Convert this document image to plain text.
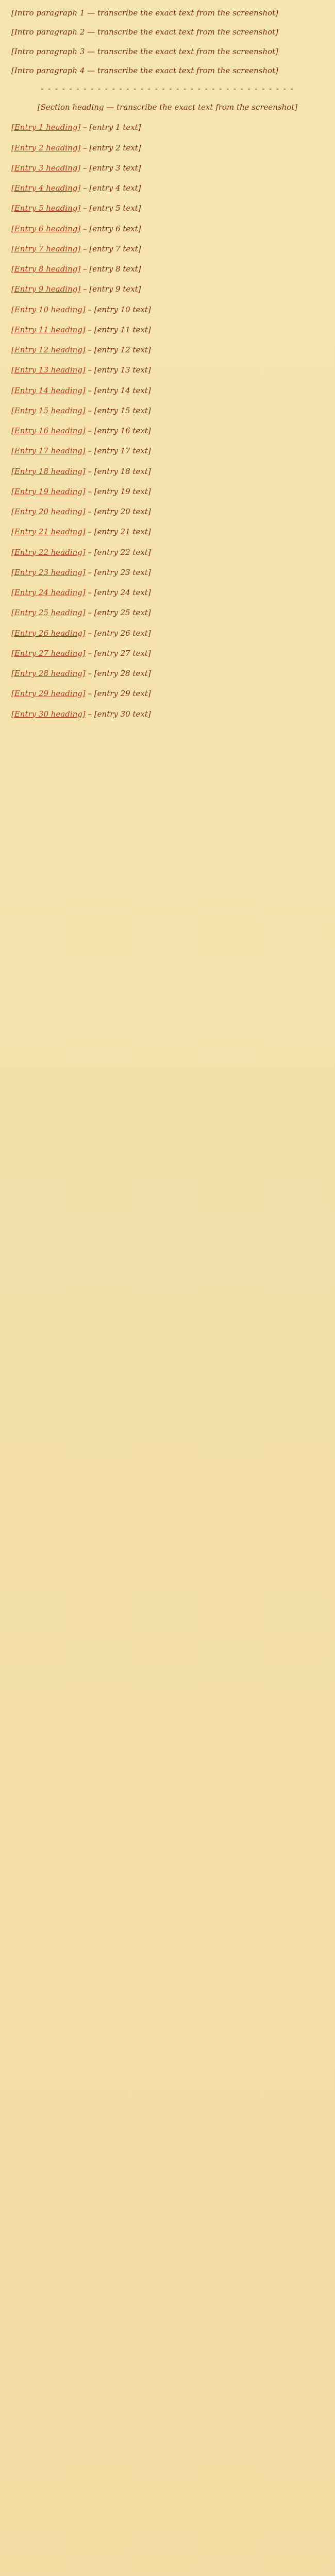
[Intro paragraph 1 — transcribe the exact text from the screenshot]

[Intro paragraph 2 — transcribe the exact text from the screenshot]

[Intro paragraph 3 — transcribe the exact text from the screenshot]

[Intro paragraph 4 — transcribe the exact text from the screenshot]

- - - - - - - - - - - - - - - - - - - - - - - - - - - - - - - - - - - -

[Section heading — transcribe the exact text from the screenshot]

[Entry 1 heading] – [entry 1 text]

[Entry 2 heading] – [entry 2 text]

[Entry 3 heading] – [entry 3 text]

[Entry 4 heading] – [entry 4 text]

[Entry 5 heading] – [entry 5 text]

[Entry 6 heading] – [entry 6 text]

[Entry 7 heading] – [entry 7 text]

[Entry 8 heading] – [entry 8 text]

[Entry 9 heading] – [entry 9 text]

[Entry 10 heading] – [entry 10 text]

[Entry 11 heading] – [entry 11 text]

[Entry 12 heading] – [entry 12 text]

[Entry 13 heading] – [entry 13 text]

[Entry 14 heading] – [entry 14 text]

[Entry 15 heading] – [entry 15 text]

[Entry 16 heading] – [entry 16 text]

[Entry 17 heading] – [entry 17 text]

[Entry 18 heading] – [entry 18 text]

[Entry 19 heading] – [entry 19 text]

[Entry 20 heading] – [entry 20 text]

[Entry 21 heading] – [entry 21 text]

[Entry 22 heading] – [entry 22 text]

[Entry 23 heading] – [entry 23 text]

[Entry 24 heading] – [entry 24 text]

[Entry 25 heading] – [entry 25 text]

[Entry 26 heading] – [entry 26 text]

[Entry 27 heading] – [entry 27 text]

[Entry 28 heading] – [entry 28 text]

[Entry 29 heading] – [entry 29 text]

[Entry 30 heading] – [entry 30 text]
